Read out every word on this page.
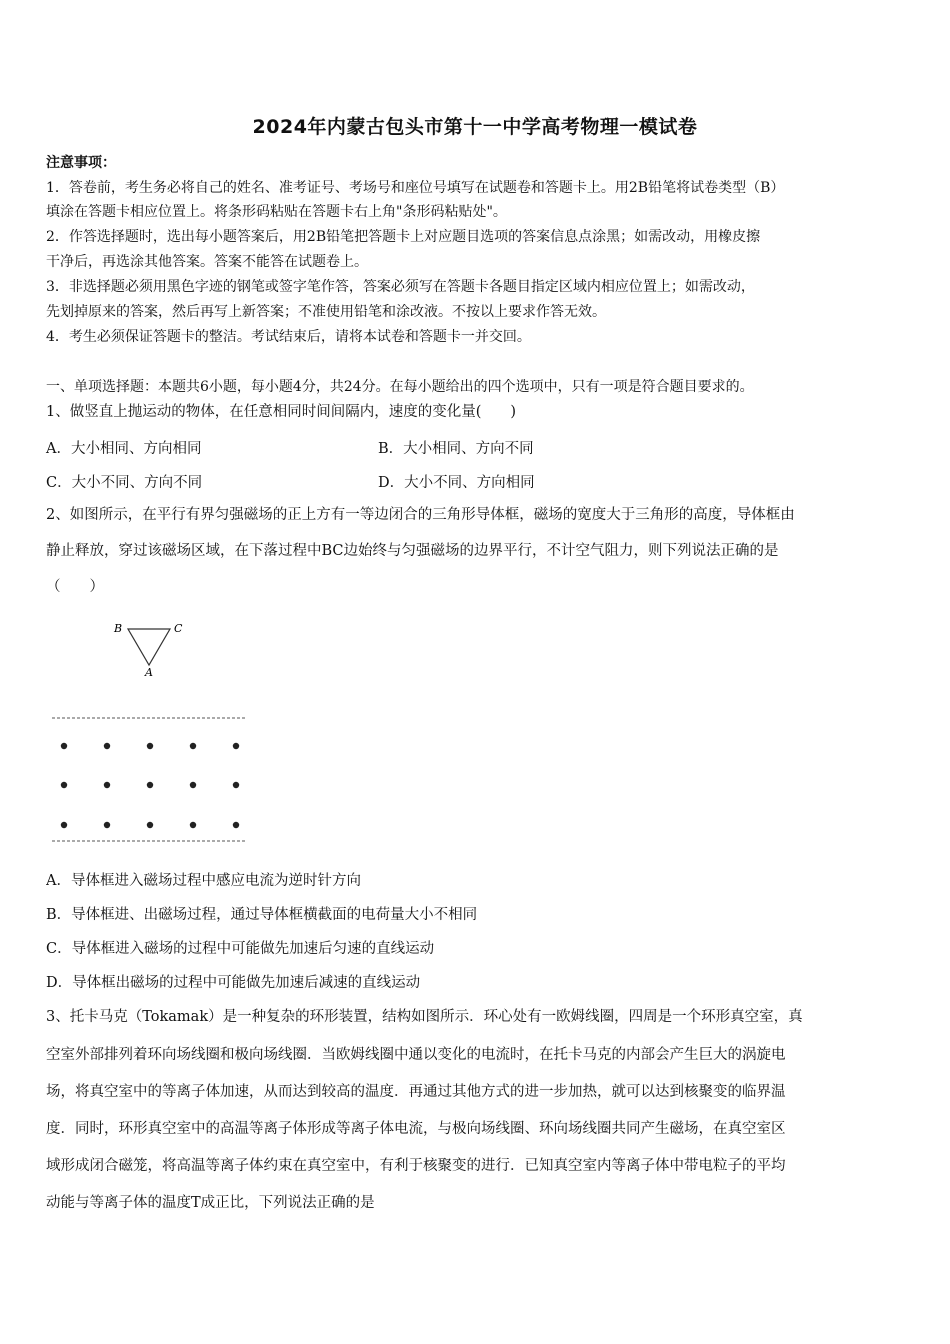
2024年内蒙古包头市第十一中学高考物理一模试卷
注意事项：
1．答卷前，考生务必将自己的姓名、准考证号、考场号和座位号填写在试题卷和答题卡上。用2B铅笔将试卷类型（B）
填涂在答题卡相应位置上。将条形码粘贴在答题卡右上角"条形码粘贴处"。
2．作答选择题时，选出每小题答案后，用2B铅笔把答题卡上对应题目选项的答案信息点涂黑；如需改动，用橡皮擦
干净后，再选涂其他答案。答案不能答在试题卷上。
3．非选择题必须用黑色字迹的钢笔或签字笔作答，答案必须写在答题卡各题目指定区域内相应位置上；如需改动，
先划掉原来的答案，然后再写上新答案；不准使用铅笔和涂改液。不按以上要求作答无效。
4．考生必须保证答题卡的整洁。考试结束后，请将本试卷和答题卡一并交回。
一、单项选择题：本题共6小题，每小题4分，共24分。在每小题给出的四个选项中，只有一项是符合题目要求的。
1、做竖直上抛运动的物体，在任意相同时间间隔内，速度的变化量(　　)
A．大小相同、方向相同	B．大小相同、方向不同
C．大小不同、方向不同	D．大小不同、方向相同
2、如图所示，在平行有界匀强磁场的正上方有一等边闭合的三角形导体框，磁场的宽度大于三角形的高度，导体框由
静止释放，穿过该磁场区域，在下落过程中BC边始终与匀强磁场的边界平行，不计空气阻力，则下列说法正确的是
（　　）
B	C
A
A．导体框进入磁场过程中感应电流为逆时针方向
B．导体框进、出磁场过程，通过导体框横截面的电荷量大小不相同
C．导体框进入磁场的过程中可能做先加速后匀速的直线运动
D．导体框出磁场的过程中可能做先加速后减速的直线运动
3、托卡马克（Tokamak）是一种复杂的环形装置，结构如图所示．环心处有一欧姆线圈，四周是一个环形真空室，真
空室外部排列着环向场线圈和极向场线圈．当欧姆线圈中通以变化的电流时，在托卡马克的内部会产生巨大的涡旋电
场，将真空室中的等离子体加速，从而达到较高的温度．再通过其他方式的进一步加热，就可以达到核聚变的临界温
度．同时，环形真空室中的高温等离子体形成等离子体电流，与极向场线圈、环向场线圈共同产生磁场，在真空室区
域形成闭合磁笼，将高温等离子体约束在真空室中，有利于核聚变的进行．已知真空室内等离子体中带电粒子的平均
动能与等离子体的温度T成正比，下列说法正确的是
